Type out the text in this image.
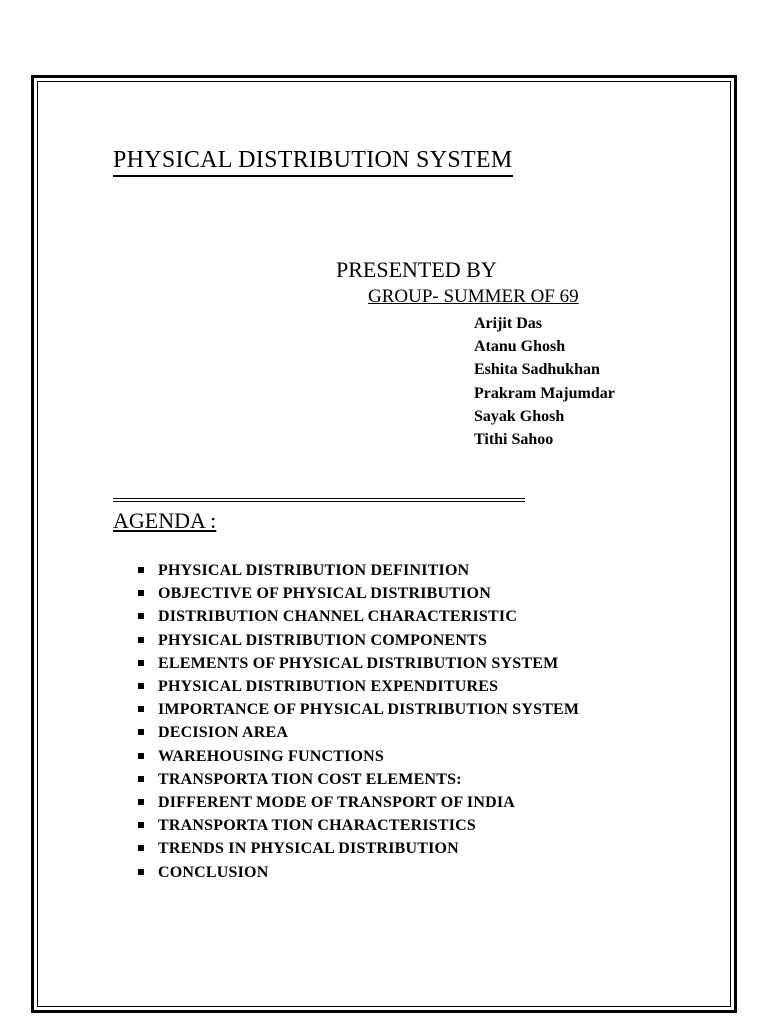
PHYSICAL DISTRIBUTION SYSTEM
PRESENTED BY
GROUP- SUMMER OF 69
Arijit Das
Atanu Ghosh
Eshita Sadhukhan
Prakram Majumdar
Sayak Ghosh
Tithi Sahoo
AGENDA :
PHYSICAL DISTRIBUTION DEFINITION
OBJECTIVE OF PHYSICAL DISTRIBUTION
DISTRIBUTION CHANNEL CHARACTERISTIC
PHYSICAL DISTRIBUTION COMPONENTS
ELEMENTS OF PHYSICAL DISTRIBUTION SYSTEM
PHYSICAL DISTRIBUTION EXPENDITURES
IMPORTANCE OF PHYSICAL DISTRIBUTION SYSTEM
DECISION AREA
WAREHOUSING FUNCTIONS
TRANSPORTA TION COST ELEMENTS:
DIFFERENT MODE OF TRANSPORT OF INDIA
TRANSPORTA TION CHARACTERISTICS
TRENDS IN PHYSICAL DISTRIBUTION
CONCLUSION
